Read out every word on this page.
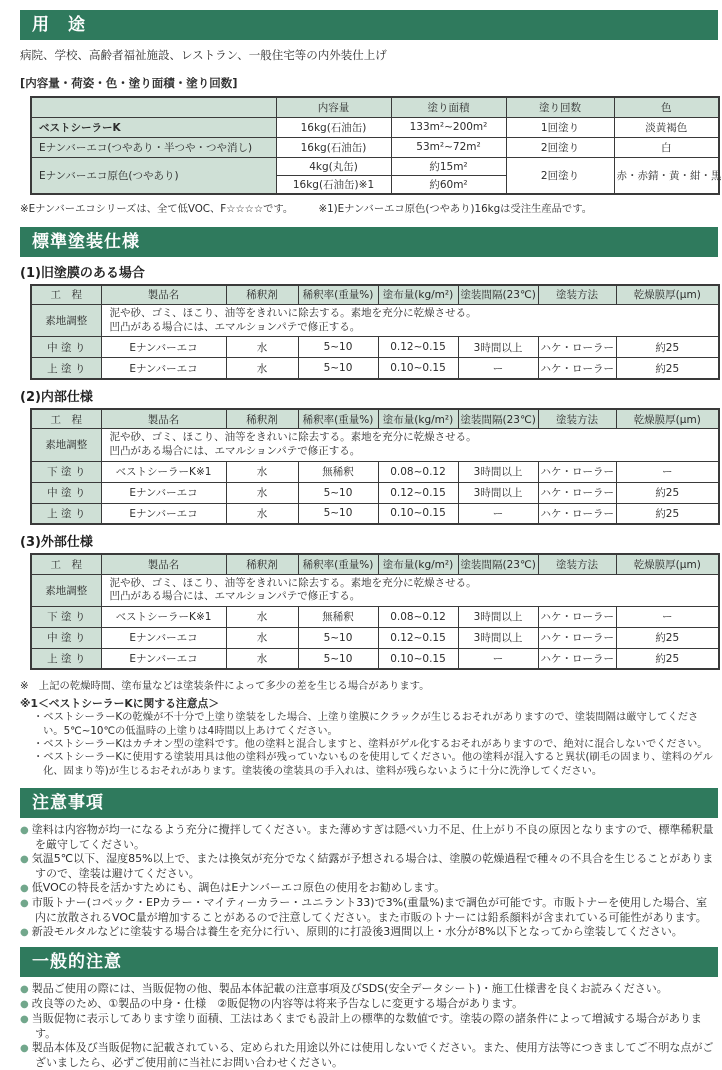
用　途
病院、学校、高齢者福祉施設、レストラン、一般住宅等の内外装仕上げ
[内容量・荷姿・色・塗り面積・塗り回数]
	内容量	塗り面積	塗り回数	色
ベストシーラーK	16kg(石油缶)	133m²~200m²	1回塗り	淡黄褐色
Eナンバーエコ(つやあり・半つや・つや消し)	16kg(石油缶)	53m²~72m²	2回塗り	白
Eナンバーエコ原色(つやあり)	4kg(丸缶)	約15m²	2回塗り	赤・赤錆・黄・紺・黒
	16kg(石油缶)※1	約60m²		
※Eナンバーエコシリーズは、全て低VOC、F☆☆☆☆です。 ※1)Eナンバーエコ原色(つやあり)16kgは受注生産品です。
標準塗装仕様
(1)旧塗膜のある場合
工　程	製品名	稀釈剤	稀釈率(重量%)	塗布量(kg/m²)	塗装間隔(23℃)	塗装方法	乾燥膜厚(μm)
素地調整	泥や砂、ゴミ、ほこり、油等をきれいに除去する。素地を充分に乾燥させる。
凹凸がある場合には、エマルションパテで修正する。						

中 塗 り	Eナンバーエコ	水	5~10	0.12~0.15	3時間以上	ハケ・ローラー	約25
上 塗 り	Eナンバーエコ	水	5~10	0.10~0.15	ー	ハケ・ローラー	約25
(2)内部仕様
工　程	製品名	稀釈剤	稀釈率(重量%)	塗布量(kg/m²)	塗装間隔(23℃)	塗装方法	乾燥膜厚(μm)
素地調整	泥や砂、ゴミ、ほこり、油等をきれいに除去する。素地を充分に乾燥させる。
凹凸がある場合には、エマルションパテで修正する。						

下 塗 り	ベストシーラーK※1	水	無稀釈	0.08~0.12	3時間以上	ハケ・ローラー	ー
中 塗 り	Eナンバーエコ	水	5~10	0.12~0.15	3時間以上	ハケ・ローラー	約25
上 塗 り	Eナンバーエコ	水	5~10	0.10~0.15	ー	ハケ・ローラー	約25
(3)外部仕様
工　程	製品名	稀釈剤	稀釈率(重量%)	塗布量(kg/m²)	塗装間隔(23℃)	塗装方法	乾燥膜厚(μm)
素地調整	泥や砂、ゴミ、ほこり、油等をきれいに除去する。素地を充分に乾燥させる。
凹凸がある場合には、エマルションパテで修正する。						

下 塗 り	ベストシーラーK※1	水	無稀釈	0.08~0.12	3時間以上	ハケ・ローラー	ー
中 塗 り	Eナンバーエコ	水	5~10	0.12~0.15	3時間以上	ハケ・ローラー	約25
上 塗 り	Eナンバーエコ	水	5~10	0.10~0.15	ー	ハケ・ローラー	約25
※　上記の乾燥時間、塗布量などは塗装条件によって多少の差を生じる場合があります。
※1＜ベストシーラーKに関する注意点＞
・ベストシーラーKの乾燥が不十分で上塗り塗装をした場合、上塗り塗膜にクラックが生じるおそれがありますので、塗装間隔は厳守してください。5℃~10℃の低温時の上塗りは4時間以上あけてください。
・ベストシーラーKはカチオン型の塗料です。他の塗料と混合しますと、塗料がゲル化するおそれがありますので、絶対に混合しないでください。
・ベストシーラーKに使用する塗装用具は他の塗料が残っていないものを使用してください。他の塗料が混入すると異状(刷毛の固まり、塗料のゲル化、固まり等)が生じるおそれがあります。塗装後の塗装具の手入れは、塗料が残らないように十分に洗浄してください。
注意事項
● 塗料は内容物が均一になるよう充分に攪拌してください。また薄めすぎは隠ぺい力不足、仕上がり不良の原因となりますので、標準稀釈量を厳守してください。
● 気温5℃以下、湿度85%以上で、または換気が充分でなく結露が予想される場合は、塗膜の乾燥過程で種々の不具合を生じることがありますので、塗装は避けてください。
● 低VOCの特長を活かすためにも、調色はEナンバーエコ原色の使用をお勧めします。
● 市販トナー(コペック・EPカラー・マイティーカラー・ユニラント33)で3%(重量%)まで調色が可能です。市販トナーを使用した場合、室内に放散されるVOC量が増加することがあるので注意してください。また市販のトナーには鉛系顔料が含まれている可能性があります。
● 新設モルタルなどに塗装する場合は養生を充分に行い、原則的に打設後3週間以上・水分が8%以下となってから塗装してください。
一般的注意
● 製品ご使用の際には、当販促物の他、製品本体記載の注意事項及びSDS(安全データシート)・施工仕様書を良くお読みください。
● 改良等のため、①製品の中身・仕様　②販促物の内容等は将来予告なしに変更する場合があります。
● 当販促物に表示してあります塗り面積、工法はあくまでも設計上の標準的な数値です。塗装の際の諸条件によって増減する場合があります。
● 製品本体及び当販促物に記載されている、定められた用途以外には使用しないでください。また、使用方法等につきましてご不明な点がございましたら、必ずご使用前に当社にお問い合わせください。
